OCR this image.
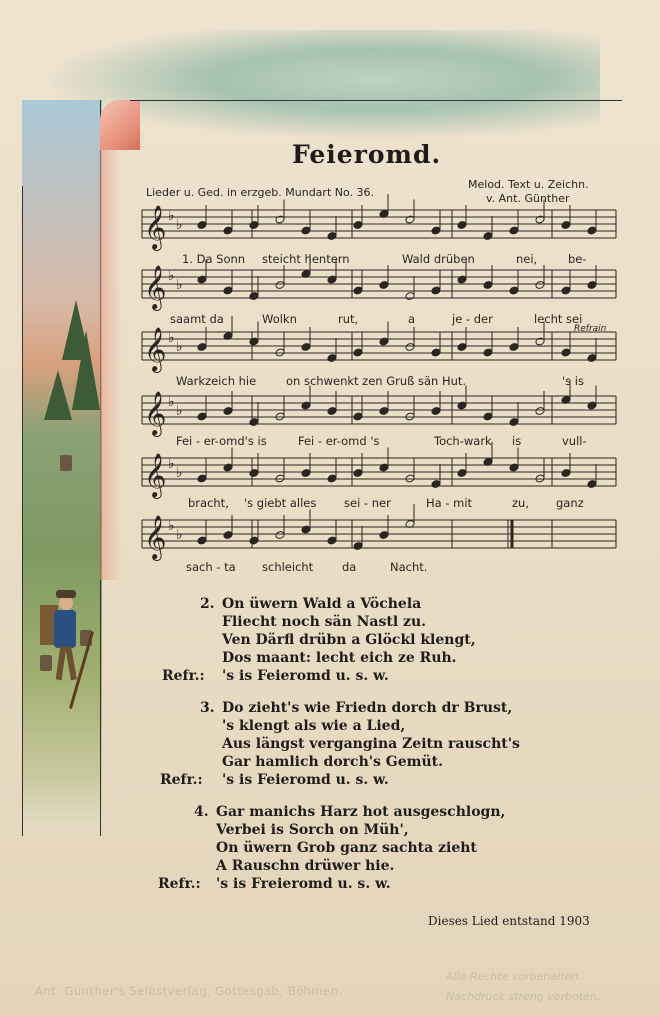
Feieromd.
Lieder u. Ged. in erzgeb. Mundart No. 36.
Melod. Text u. Zeichn.
v. Ant. Günther
Refrain
𝄞 ♭
♭
𝄞 ♭
♭
𝄞 ♭
♭
𝄞 ♭
♭
𝄞 ♭
♭
𝄞 ♭
♭
1. Da Sonn steicht hentern	Wald drüben	nei,	be-
saamt da	Wolkn	rut,	a	je - der	lecht sei
Warkzeich hie	on schwenkt zen Gruß sän Hut.	's is
Fei - er-omd's is	Fei - er-omd 's	Toch-wark is	vull-
bracht, 's giebt alles sei - ner	Ha - mit	zu, ganz
sach - ta schleicht	da	Nacht.
2. On üwern Wald a Vöchela
Fliecht noch sän Nastl zu.
Ven Därfl drübn a Glöckl klengt,
Dos maant: lecht eich ze Ruh.
Refr.: 's is Feieromd u. s. w.
3. Do zieht's wie Friedn dorch dr Brust,
's klengt als wie a Lied,
Aus längst vergangina Zeitn rauscht's
Gar hamlich dorch's Gemüt.
Refr.: 's is Feieromd u. s. w.
4. Gar manichs Harz hot ausgeschlogn,
Verbei is Sorch on Müh',
On üwern Grob ganz sachta zieht
A Rauschn drüwer hie.
Refr.: 's is Freieromd u. s. w.
Dieses Lied entstand 1903
Ant. Günther's Selbstverlag, Gottesgab, Böhmen.
Alle Rechte vorbehalten.
Nachdruck streng verboten.
